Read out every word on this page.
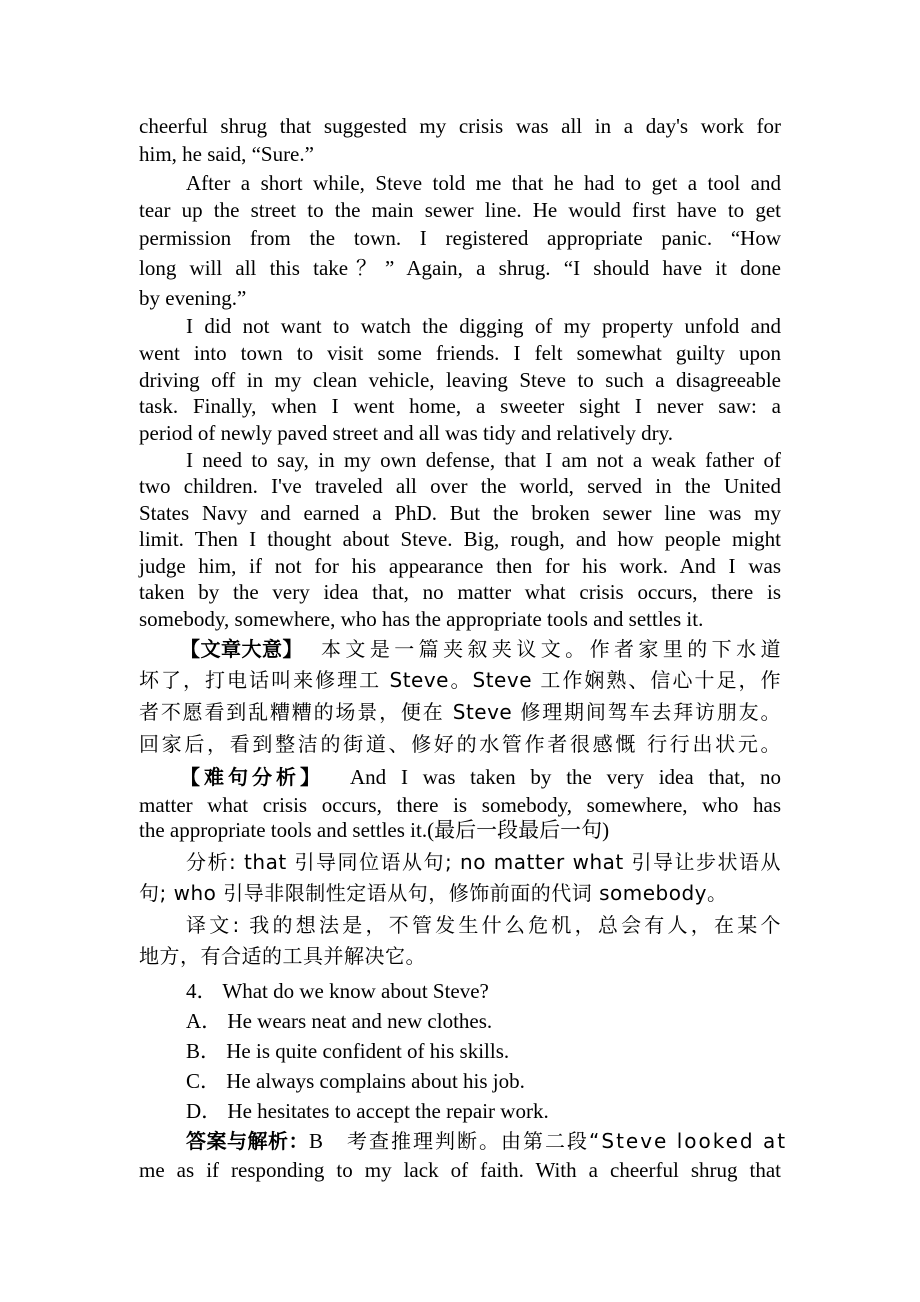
cheerful shrug that suggested my crisis was all in a day's work for
him, he said, “Sure.”
After a short while, Steve told me that he had to get a tool and
tear up the street to the main sewer line. He would first have to get
permission from the town. I registered appropriate panic. “How
long will all this take？” Again, a shrug. “I should have it done
by evening.”
I did not want to watch the digging of my property unfold and
went into town to visit some friends. I felt somewhat guilty upon
driving off in my clean vehicle, leaving Steve to such a disagreeable
task. Finally, when I went home, a sweeter sight I never saw: a
period of newly paved street and all was tidy and relatively dry.
I need to say, in my own defense, that I am not a weak father of
two children. I've traveled all over the world, served in the United
States Navy and earned a PhD. But the broken sewer line was my
limit. Then I thought about Steve. Big, rough, and how people might
judge him, if not for his appearance then for his work. And I was
taken by the very idea that, no matter what crisis occurs, there is
somebody, somewhere, who has the appropriate tools and settles it.
【文章大意】 本文是一篇夹叙夹议文。作者家里的下水道
坏了，打电话叫来修理工 Steve。Steve 工作娴熟、信心十足，作
者不愿看到乱糟糟的场景，便在 Steve 修理期间驾车去拜访朋友。
回家后，看到整洁的街道、修好的水管作者很感慨 行行出状元。
【难句分析】 And I was taken by the very idea that, no
matter what crisis occurs, there is somebody, somewhere, who has
the appropriate tools and settles it.(最后一段最后一句)
分析: that 引导同位语从句; no matter what 引导让步状语从
句; who 引导非限制性定语从句，修饰前面的代词 somebody。
译文: 我的想法是，不管发生什么危机，总会有人，在某个
地方，有合适的工具并解决它。
4． What do we know about Steve?
A． He wears neat and new clothes.
B． He is quite confident of his skills.
C． He always complains about his job.
D． He hesitates to accept the repair work.
答案与解析： B 考查推理判断。由第二段“Steve looked at
me as if responding to my lack of faith. With a cheerful shrug that
